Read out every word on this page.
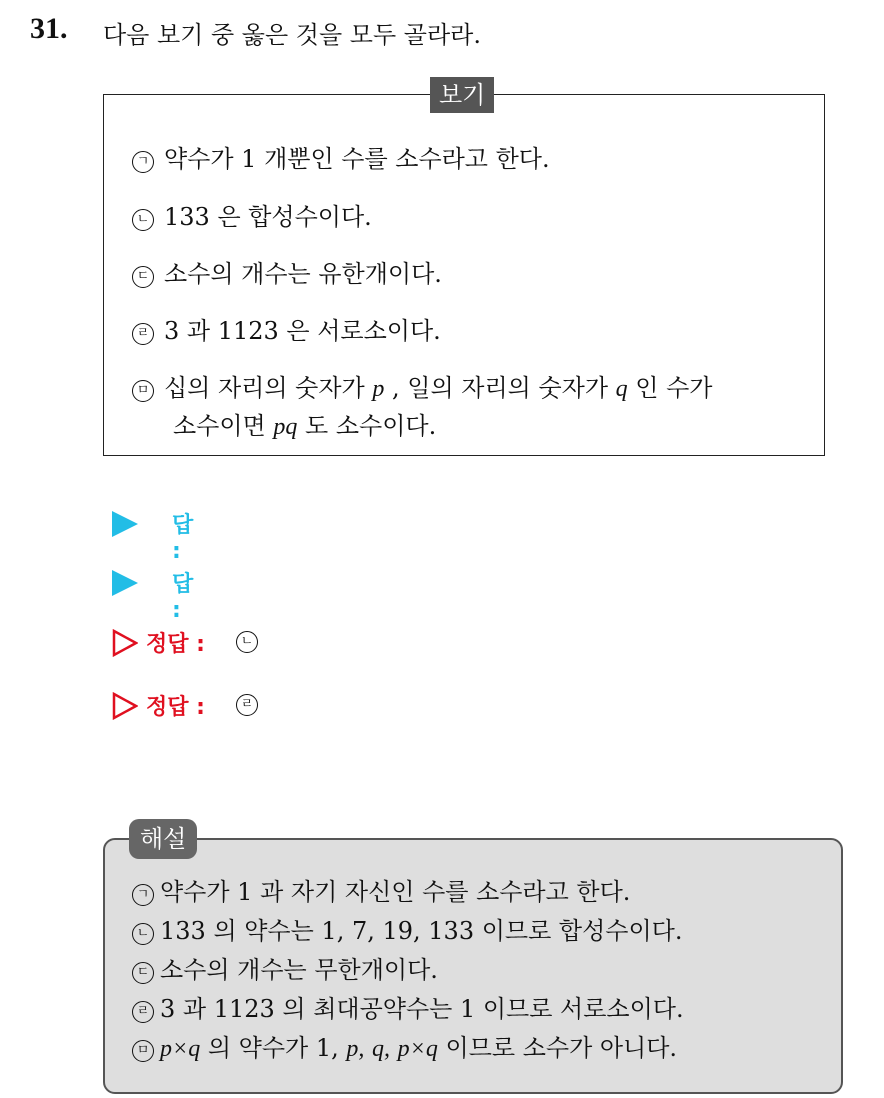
31. 다음 보기 중 옳은 것을 모두 골라라.
보기
ㄱ 약수가 1 개뿐인 수를 소수라고 한다.
ㄴ 133 은 합성수이다.
ㄷ 소수의 개수는 유한개이다.
ㄹ 3 과 1123 은 서로소이다.
ㅁ 십의 자리의 숫자가 p , 일의 자리의 숫자가 q 인 수가
소수이면 pq 도 소수이다.
답 :
답 :
정답 :	ㄴ
정답 :	ㄹ
해설
ㄱ 약수가 1 과 자기 자신인 수를 소수라고 한다.
ㄴ 133 의 약수는 1, 7, 19, 133 이므로 합성수이다.
ㄷ 소수의 개수는 무한개이다.
ㄹ 3 과 1123 의 최대공약수는 1 이므로 서로소이다.
ㅁ p×q 의 약수가 1, p, q, p×q 이므로 소수가 아니다.
